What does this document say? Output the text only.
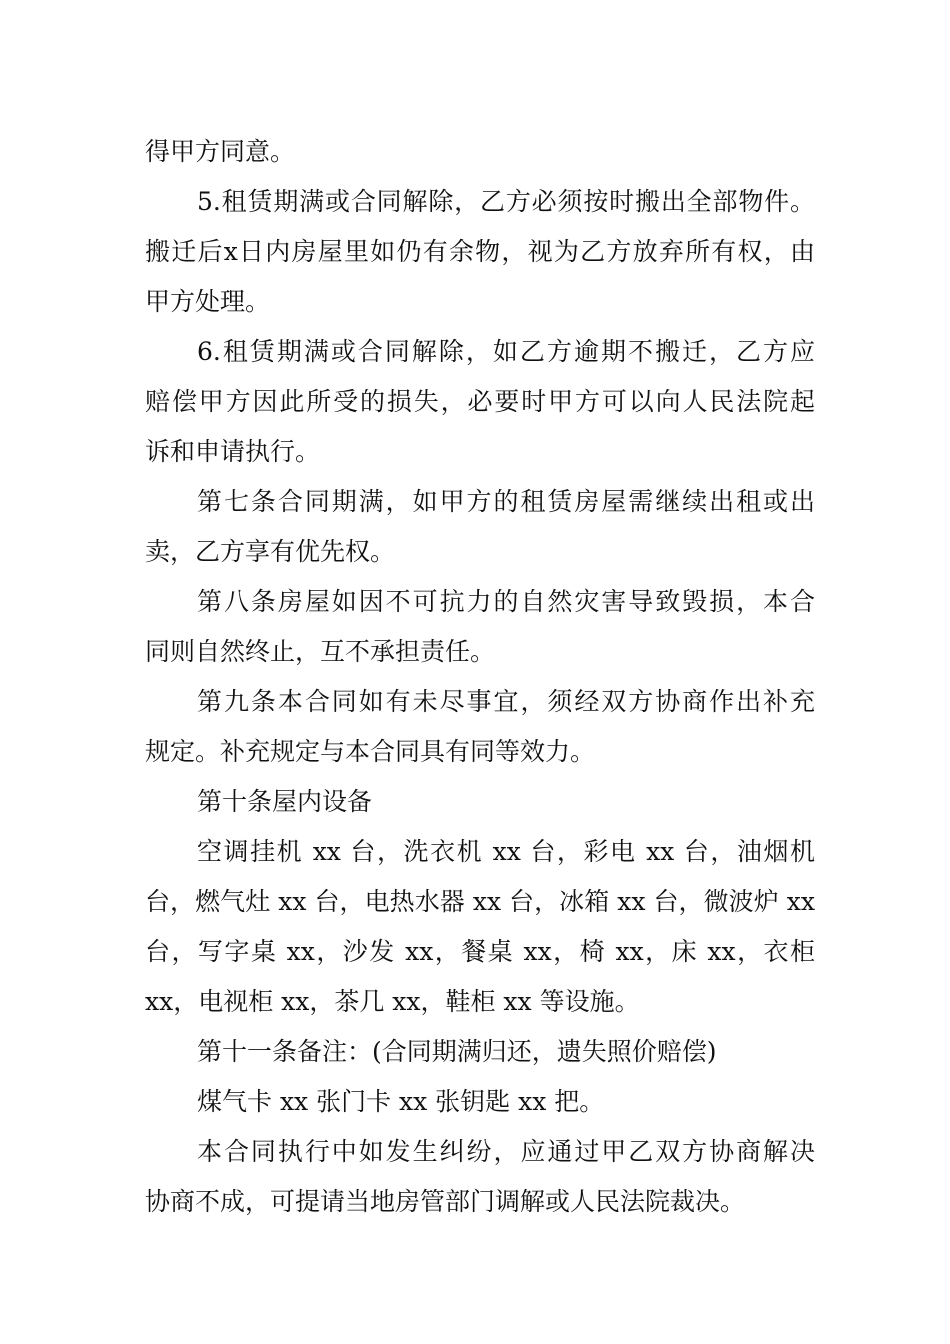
得甲方同意。
5.租赁期满或合同解除，乙方必须按时搬出全部物件。
搬迁后x日内房屋里如仍有余物，视为乙方放弃所有权，由
甲方处理。
6.租赁期满或合同解除，如乙方逾期不搬迁，乙方应
赔偿甲方因此所受的损失，必要时甲方可以向人民法院起
诉和申请执行。
第七条合同期满，如甲方的租赁房屋需继续出租或出
卖，乙方享有优先权。
第八条房屋如因不可抗力的自然灾害导致毁损，本合
同则自然终止，互不承担责任。
第九条本合同如有未尽事宜，须经双方协商作出补充
规定。补充规定与本合同具有同等效力。
第十条屋内设备
空调挂机 xx 台，洗衣机 xx 台，彩电 xx 台，油烟机
台，燃气灶 xx 台，电热水器 xx 台，冰箱 xx 台，微波炉 xx
台，写字桌 xx，沙发 xx，餐桌 xx，椅 xx，床 xx，衣柜
xx，电视柜 xx，茶几 xx，鞋柜 xx 等设施。
第十一条备注：(合同期满归还，遗失照价赔偿)
煤气卡 xx 张门卡 xx 张钥匙 xx 把。
本合同执行中如发生纠纷，应通过甲乙双方协商解决
协商不成，可提请当地房管部门调解或人民法院裁决。
